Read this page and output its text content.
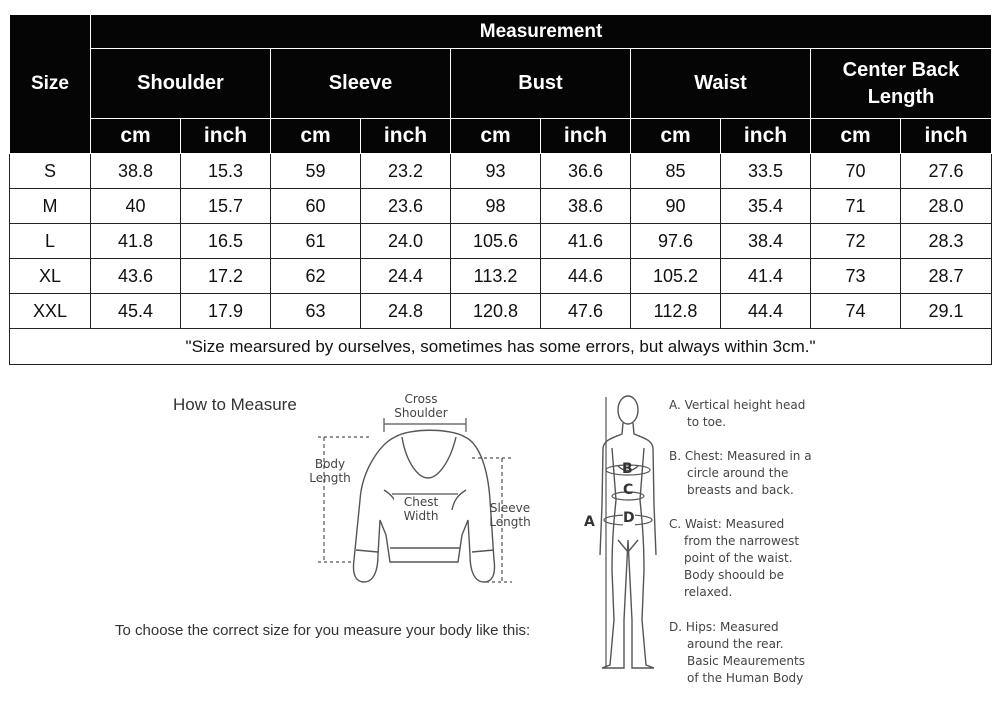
Size	Measurement									
	Shoulder		Sleeve		Bust		Waist		Center Back Length	
	cm	inch	cm	inch	cm	inch	cm	inch	cm	inch
S	38.8	15.3	59	23.2	93	36.6	85	33.5	70	27.6
M	40	15.7	60	23.6	98	38.6	90	35.4	71	28.0
L	41.8	16.5	61	24.0	105.6	41.6	97.6	38.4	72	28.3
XL	43.6	17.2	62	24.4	113.2	44.6	105.2	41.4	73	28.7
XXL	45.4	17.9	63	24.8	120.8	47.6	112.8	44.4	74	29.1
"Size mearsured by ourselves, sometimes has some errors, but always within 3cm."										
How to Measure	Cross
Shoulder
Body
Length
Chest
Width
Sleeve
Length	A
B
C
D
To choose the correct size for you measure your body like this:
A. Vertical height head
to toe.
B. Chest: Measured in a
circle around the
breasts and back.
C. Waist: Measured
from the narrowest
point of the waist.
Body shoould be
relaxed.
D. Hips: Measured
around the rear.
Basic Meaurements
of the Human Body
